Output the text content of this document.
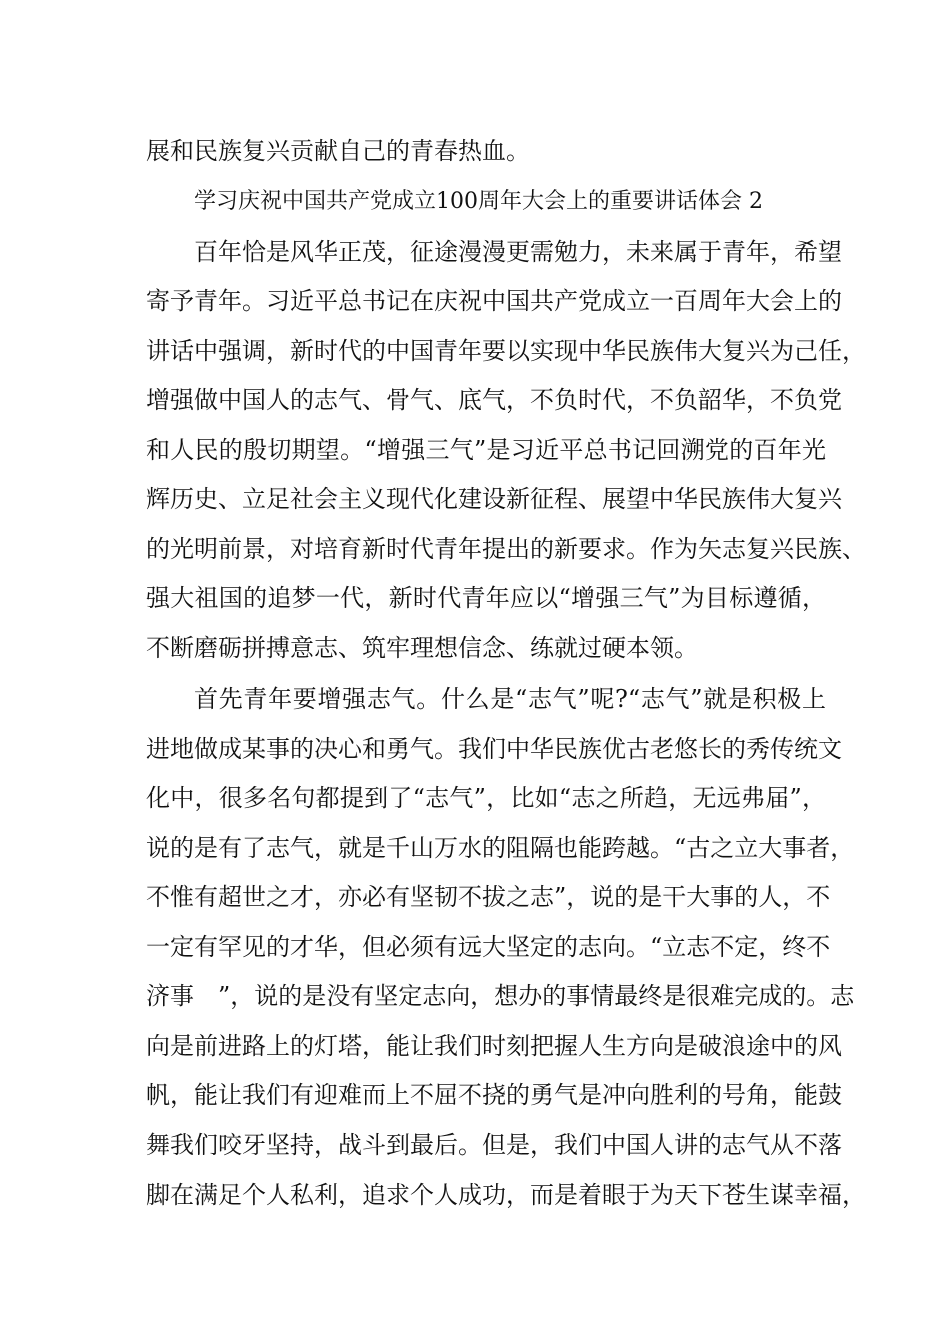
展和民族复兴贡献自己的青春热血。
学习庆祝中国共产党成立100周年大会上的重要讲话体会 2
百年恰是风华正茂，征途漫漫更需勉力，未来属于青年，希望
寄予青年。习近平总书记在庆祝中国共产党成立一百周年大会上的
讲话中强调，新时代的中国青年要以实现中华民族伟大复兴为己任，
增强做中国人的志气、骨气、底气，不负时代，不负韶华，不负党
和人民的殷切期望。“增强三气”是习近平总书记回溯党的百年光
辉历史、立足社会主义现代化建设新征程、展望中华民族伟大复兴
的光明前景，对培育新时代青年提出的新要求。作为矢志复兴民族、
强大祖国的追梦一代，新时代青年应以“增强三气”为目标遵循，
不断磨砺拼搏意志、筑牢理想信念、练就过硬本领。
首先青年要增强志气。什么是“志气”呢?“志气”就是积极上
进地做成某事的决心和勇气。我们中华民族优古老悠长的秀传统文
化中，很多名句都提到了“志气”，比如“志之所趋，无远弗届”，
说的是有了志气，就是千山万水的阻隔也能跨越。“古之立大事者，
不惟有超世之才，亦必有坚韧不拔之志”，说的是干大事的人，不
一定有罕见的才华，但必须有远大坚定的志向。“立志不定，终不
济事　”，说的是没有坚定志向，想办的事情最终是很难完成的。志
向是前进路上的灯塔，能让我们时刻把握人生方向是破浪途中的风
帆，能让我们有迎难而上不屈不挠的勇气是冲向胜利的号角，能鼓
舞我们咬牙坚持，战斗到最后。但是，我们中国人讲的志气从不落
脚在满足个人私利，追求个人成功，而是着眼于为天下苍生谋幸福，
